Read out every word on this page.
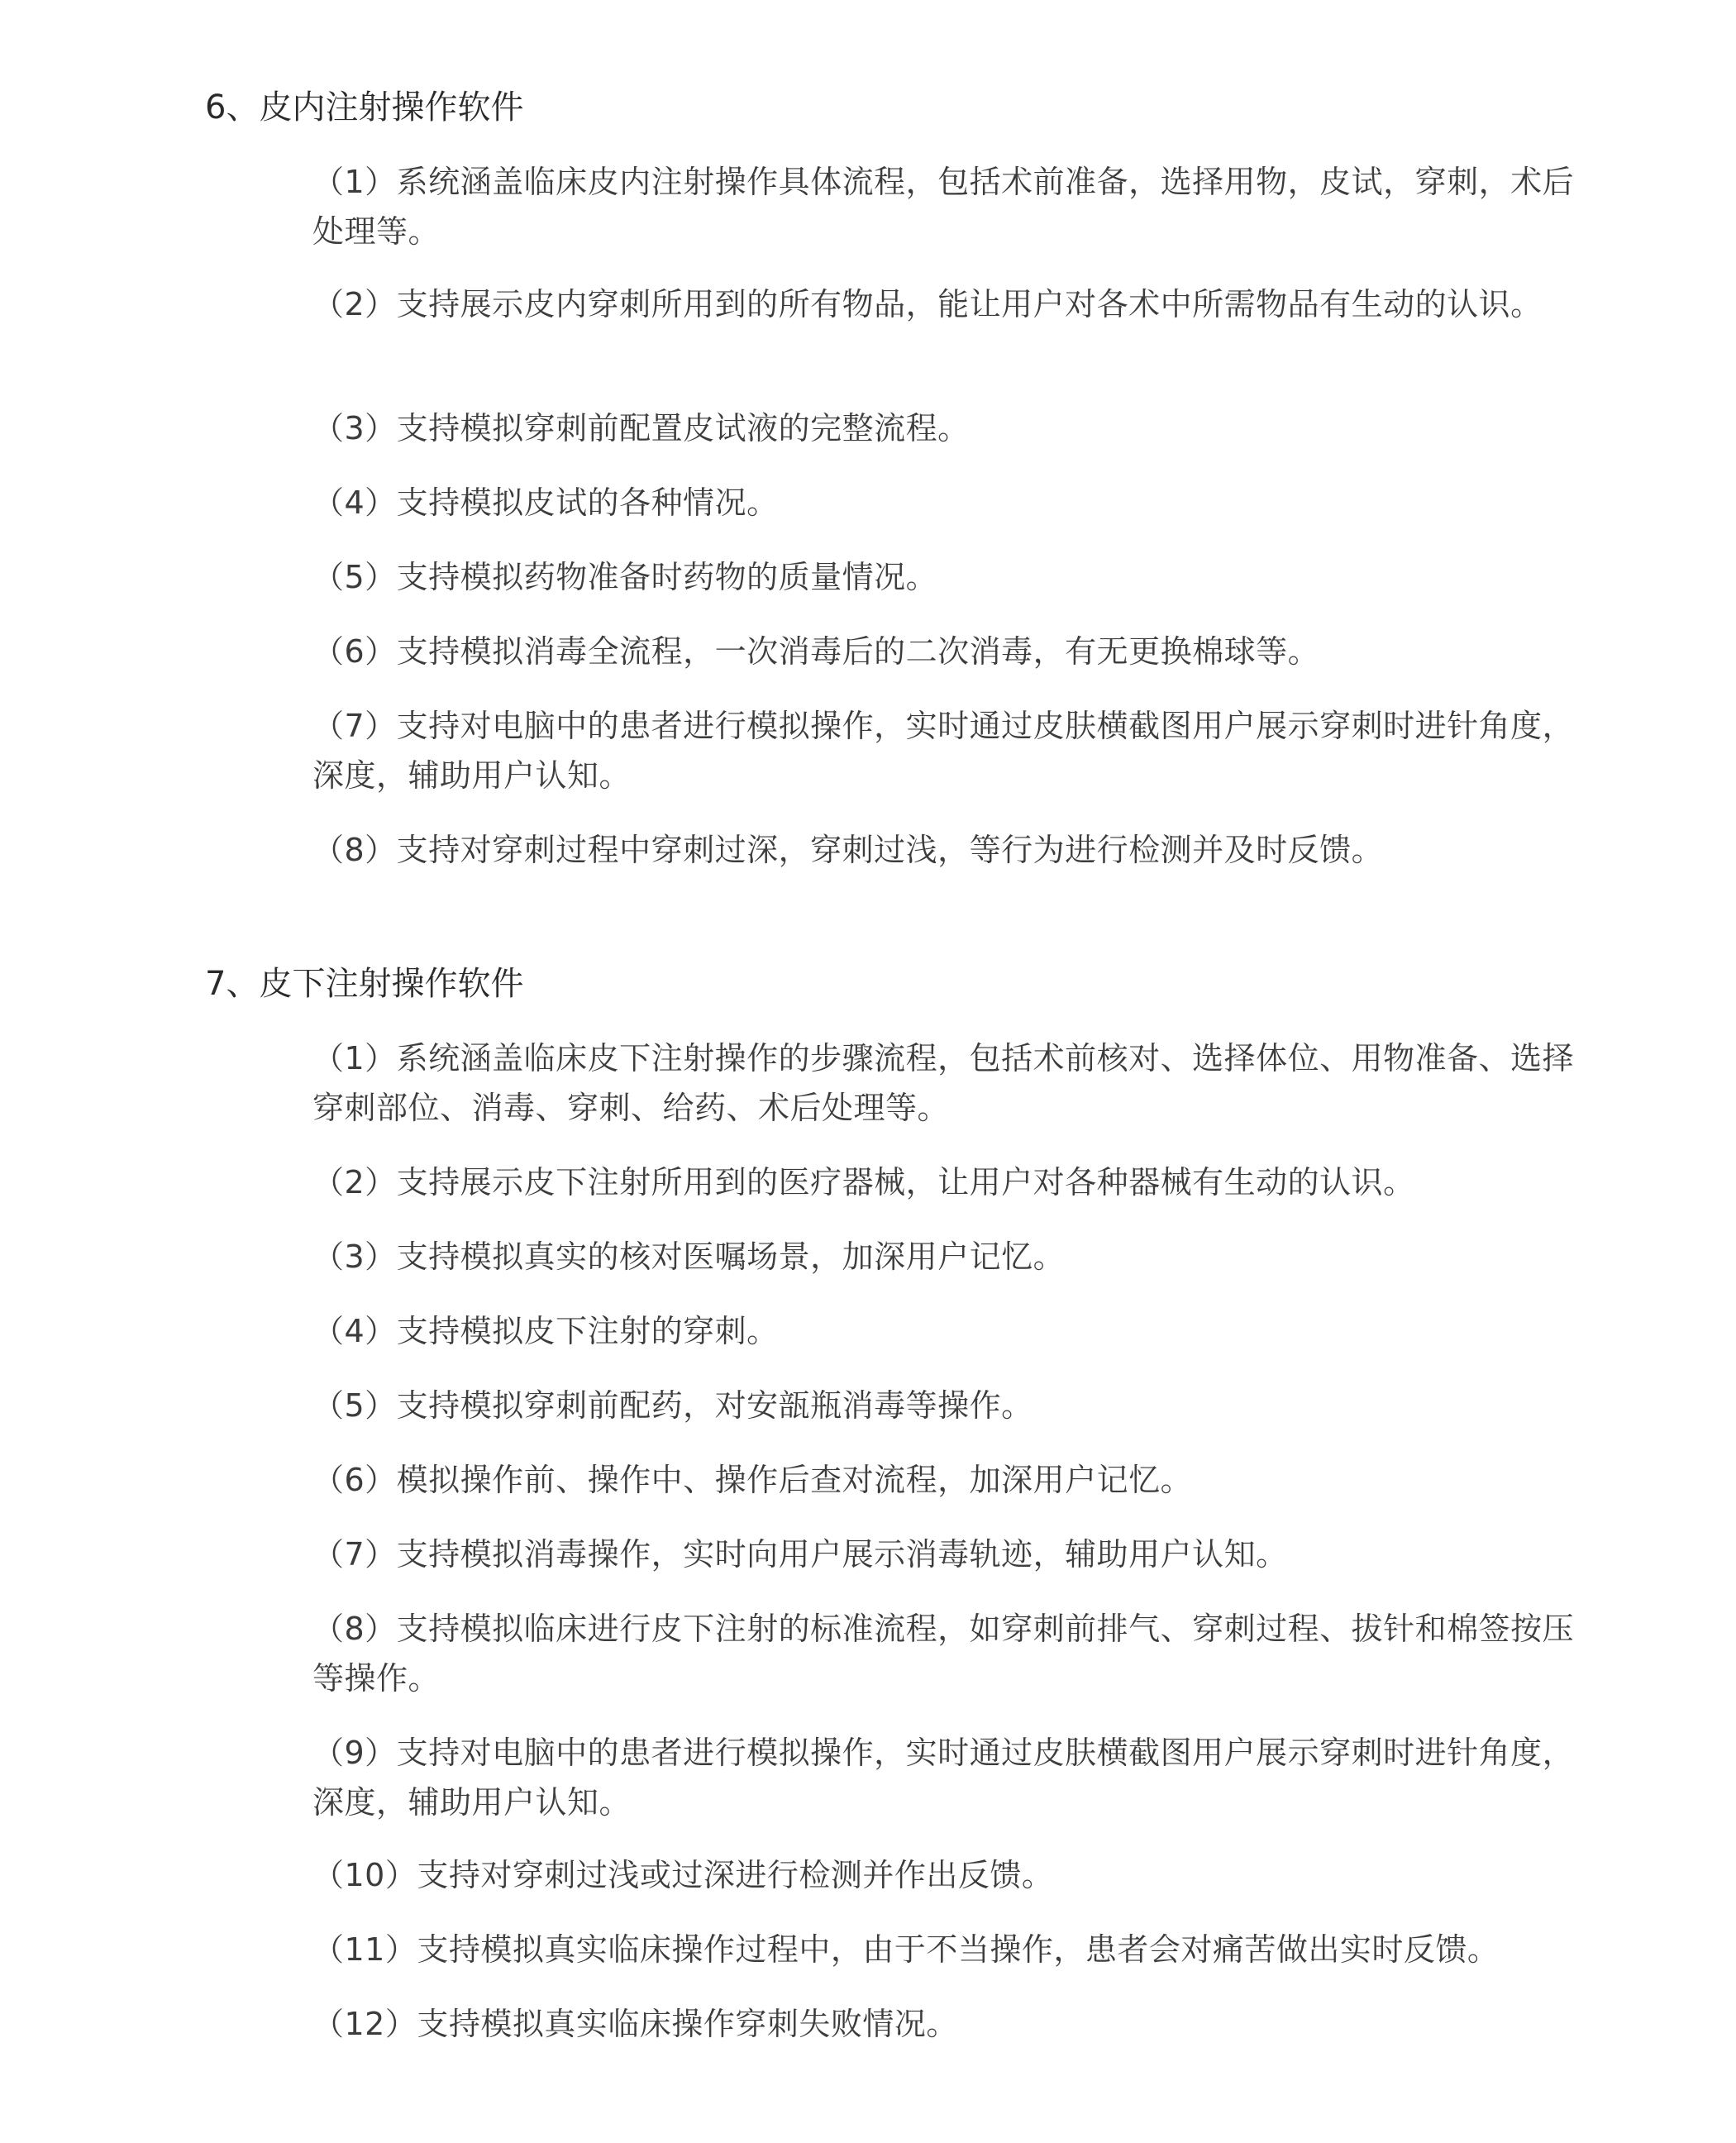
6、皮内注射操作软件
（1）系统涵盖临床皮内注射操作具体流程，包括术前准备，选择用物，皮试，穿刺，术后处理等。
（2）支持展示皮内穿刺所用到的所有物品，能让用户对各术中所需物品有生动的认识。
（3）支持模拟穿刺前配置皮试液的完整流程。
（4）支持模拟皮试的各种情况。
（5）支持模拟药物准备时药物的质量情况。
（6）支持模拟消毒全流程，一次消毒后的二次消毒，有无更换棉球等。
（7）支持对电脑中的患者进行模拟操作，实时通过皮肤横截图用户展示穿刺时进针角度，深度，辅助用户认知。
（8）支持对穿刺过程中穿刺过深，穿刺过浅，等行为进行检测并及时反馈。
7、皮下注射操作软件
（1）系统涵盖临床皮下注射操作的步骤流程，包括术前核对、选择体位、用物准备、选择穿刺部位、消毒、穿刺、给药、术后处理等。
（2）支持展示皮下注射所用到的医疗器械，让用户对各种器械有生动的认识。
（3）支持模拟真实的核对医嘱场景，加深用户记忆。
（4）支持模拟皮下注射的穿刺。
（5）支持模拟穿刺前配药，对安瓿瓶消毒等操作。
（6）模拟操作前、操作中、操作后查对流程，加深用户记忆。
（7）支持模拟消毒操作，实时向用户展示消毒轨迹，辅助用户认知。
（8）支持模拟临床进行皮下注射的标准流程，如穿刺前排气、穿刺过程、拔针和棉签按压等操作。
（9）支持对电脑中的患者进行模拟操作，实时通过皮肤横截图用户展示穿刺时进针角度，深度，辅助用户认知。
（10）支持对穿刺过浅或过深进行检测并作出反馈。
（11）支持模拟真实临床操作过程中，由于不当操作，患者会对痛苦做出实时反馈。
（12）支持模拟真实临床操作穿刺失败情况。
